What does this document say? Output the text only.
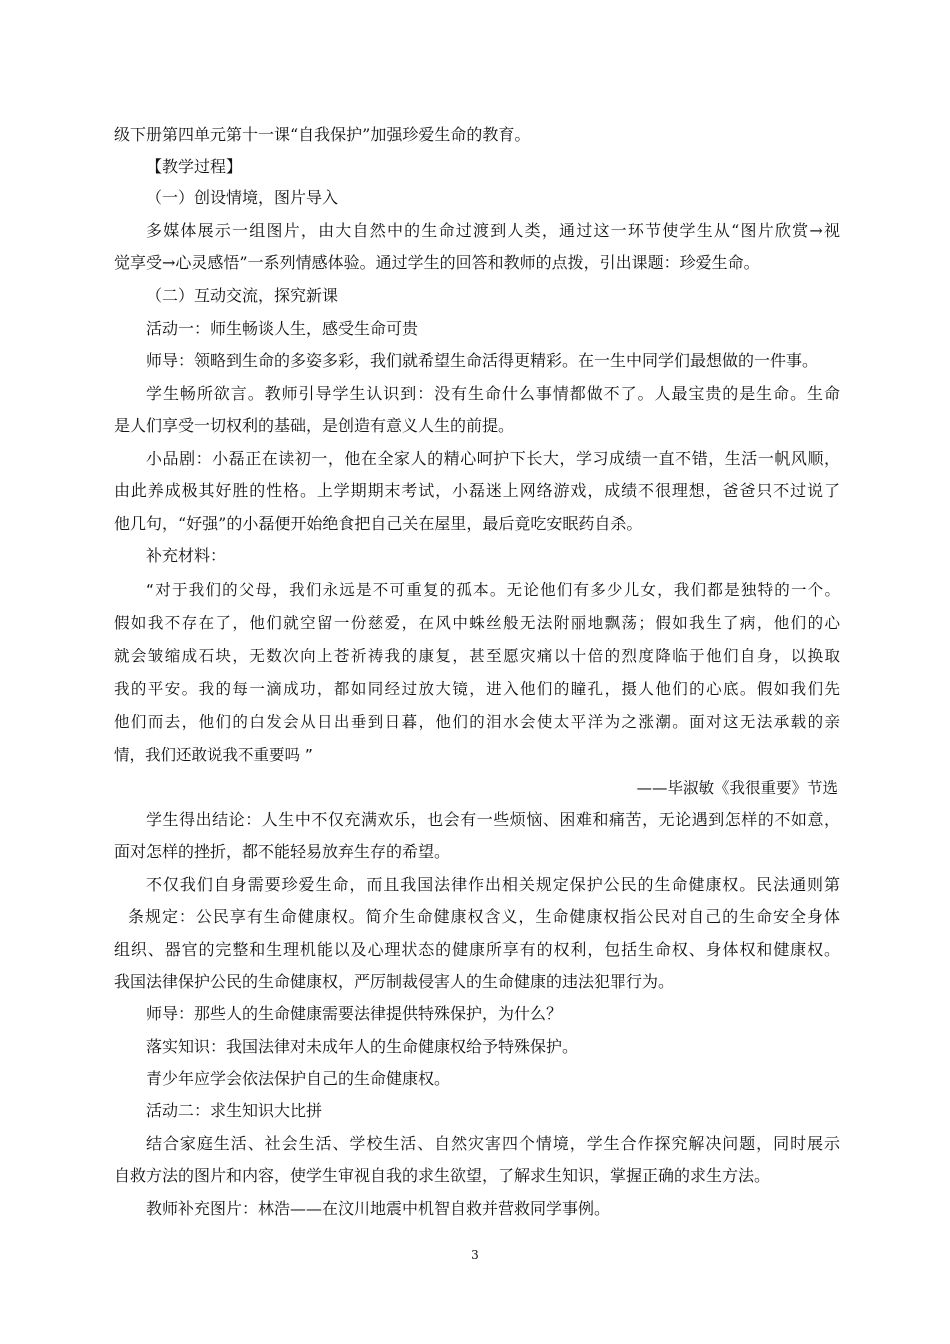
级下册第四单元第十一课“自我保护”加强珍爱生命的教育。
【教学过程】
（一）创设情境，图片导入
多媒体展示一组图片，由大自然中的生命过渡到人类，通过这一环节使学生从“图片欣赏→视
觉享受→心灵感悟”一系列情感体验。通过学生的回答和教师的点拨，引出课题：珍爱生命。
（二）互动交流，探究新课
活动一：师生畅谈人生，感受生命可贵
师导：领略到生命的多姿多彩，我们就希望生命活得更精彩。在一生中同学们最想做的一件事。
学生畅所欲言。教师引导学生认识到：没有生命什么事情都做不了。人最宝贵的是生命。生命
是人们享受一切权利的基础，是创造有意义人生的前提。
小品剧：小磊正在读初一，他在全家人的精心呵护下长大，学习成绩一直不错，生活一帆风顺，
由此养成极其好胜的性格。上学期期末考试，小磊迷上网络游戏，成绩不很理想，爸爸只不过说了
他几句，“好强”的小磊便开始绝食把自己关在屋里，最后竟吃安眠药自杀。
补充材料：
“对于我们的父母，我们永远是不可重复的孤本。无论他们有多少儿女，我们都是独特的一个。
假如我不存在了，他们就空留一份慈爱，在风中蛛丝般无法附丽地飘荡；假如我生了病，他们的心
就会皱缩成石块，无数次向上苍祈祷我的康复，甚至愿灾痛以十倍的烈度降临于他们自身，以换取
我的平安。我的每一滴成功，都如同经过放大镜，进入他们的瞳孔，摄人他们的心底。假如我们先
他们而去，他们的白发会从日出垂到日暮，他们的泪水会使太平洋为之涨潮。面对这无法承载的亲
情，我们还敢说我不重要吗 ”
——毕淑敏《我很重要》节选
学生得出结论：人生中不仅充满欢乐，也会有一些烦恼、困难和痛苦，无论遇到怎样的不如意，
面对怎样的挫折，都不能轻易放弃生存的希望。
不仅我们自身需要珍爱生命，而且我国法律作出相关规定保护公民的生命健康权。民法通则第
条规定：公民享有生命健康权。简介生命健康权含义，生命健康权指公民对自己的生命安全身体
组织、器官的完整和生理机能以及心理状态的健康所享有的权利，包括生命权、身体权和健康权。
我国法律保护公民的生命健康权，严厉制裁侵害人的生命健康的违法犯罪行为。
师导：那些人的生命健康需要法律提供特殊保护，为什么？
落实知识：我国法律对未成年人的生命健康权给予特殊保护。
青少年应学会依法保护自己的生命健康权。
活动二：求生知识大比拼
结合家庭生活、社会生活、学校生活、自然灾害四个情境，学生合作探究解决问题，同时展示
自救方法的图片和内容，使学生审视自我的求生欲望，了解求生知识，掌握正确的求生方法。
教师补充图片：林浩——在汶川地震中机智自救并营救同学事例。
3
